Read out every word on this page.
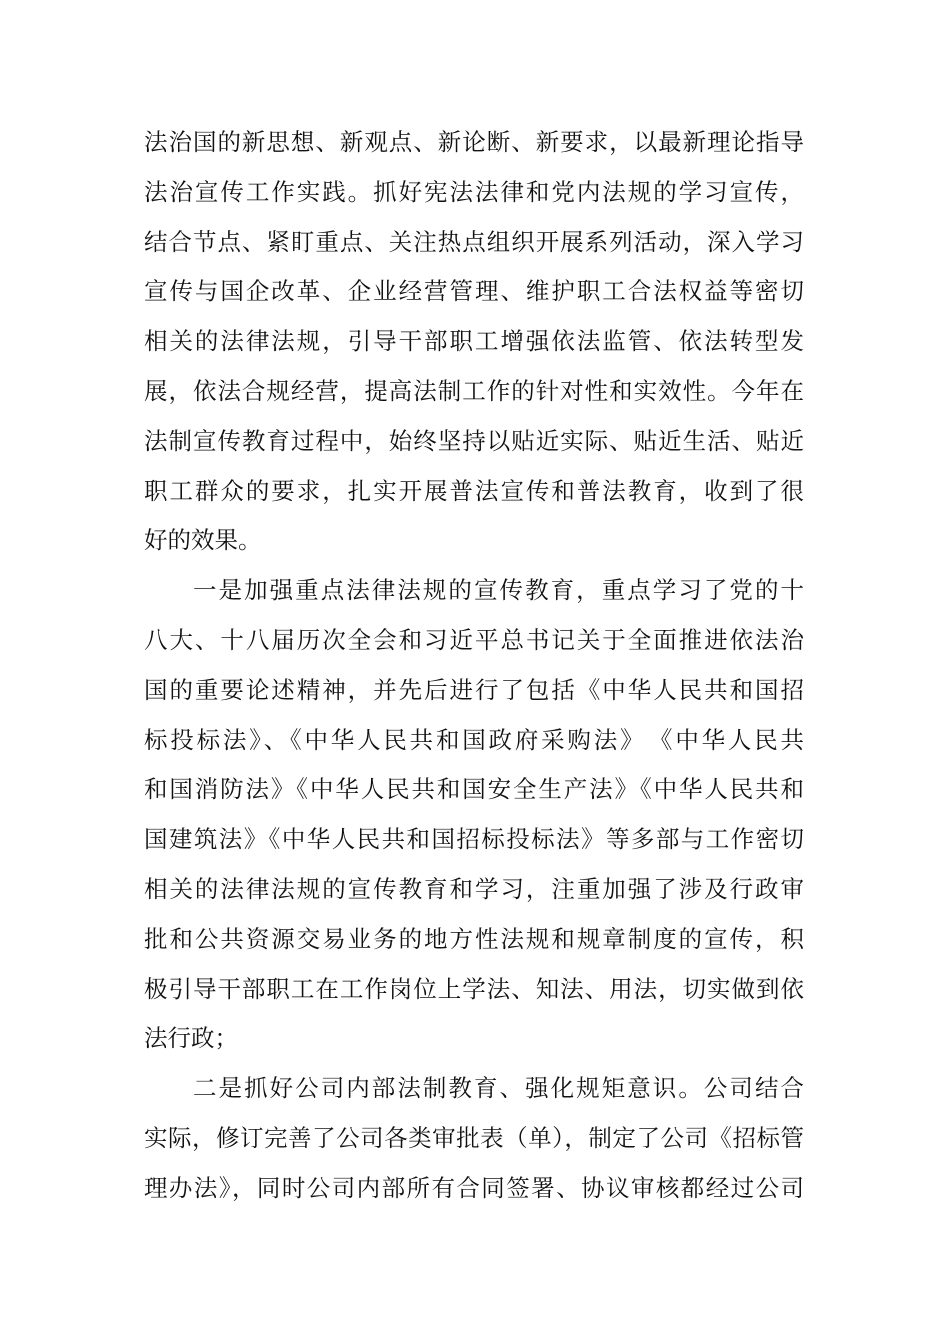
法治国的新思想、新观点、新论断、新要求，以最新理论指导
法治宣传工作实践。抓好宪法法律和党内法规的学习宣传，
结合节点、紧盯重点、关注热点组织开展系列活动，深入学习
宣传与国企改革、企业经营管理、维护职工合法权益等密切
相关的法律法规，引导干部职工增强依法监管、依法转型发
展，依法合规经营，提高法制工作的针对性和实效性。今年在
法制宣传教育过程中，始终坚持以贴近实际、贴近生活、贴近
职工群众的要求，扎实开展普法宣传和普法教育，收到了很
好的效果。
一是加强重点法律法规的宣传教育，重点学习了党的十
八大、十八届历次全会和习近平总书记关于全面推进依法治
国的重要论述精神，并先后进行了包括《中华人民共和国招
标投标法》、《中华人民共和国政府采购法》　《中华人民共
和国消防法》《中华人民共和国安全生产法》《中华人民共和
国建筑法》《中华人民共和国招标投标法》等多部与工作密切
相关的法律法规的宣传教育和学习，注重加强了涉及行政审
批和公共资源交易业务的地方性法规和规章制度的宣传，积
极引导干部职工在工作岗位上学法、知法、用法，切实做到依
法行政；
二是抓好公司内部法制教育、强化规矩意识。公司结合
实际，修订完善了公司各类审批表（单），制定了公司《招标管
理办法》，同时公司内部所有合同签署、协议审核都经过公司
